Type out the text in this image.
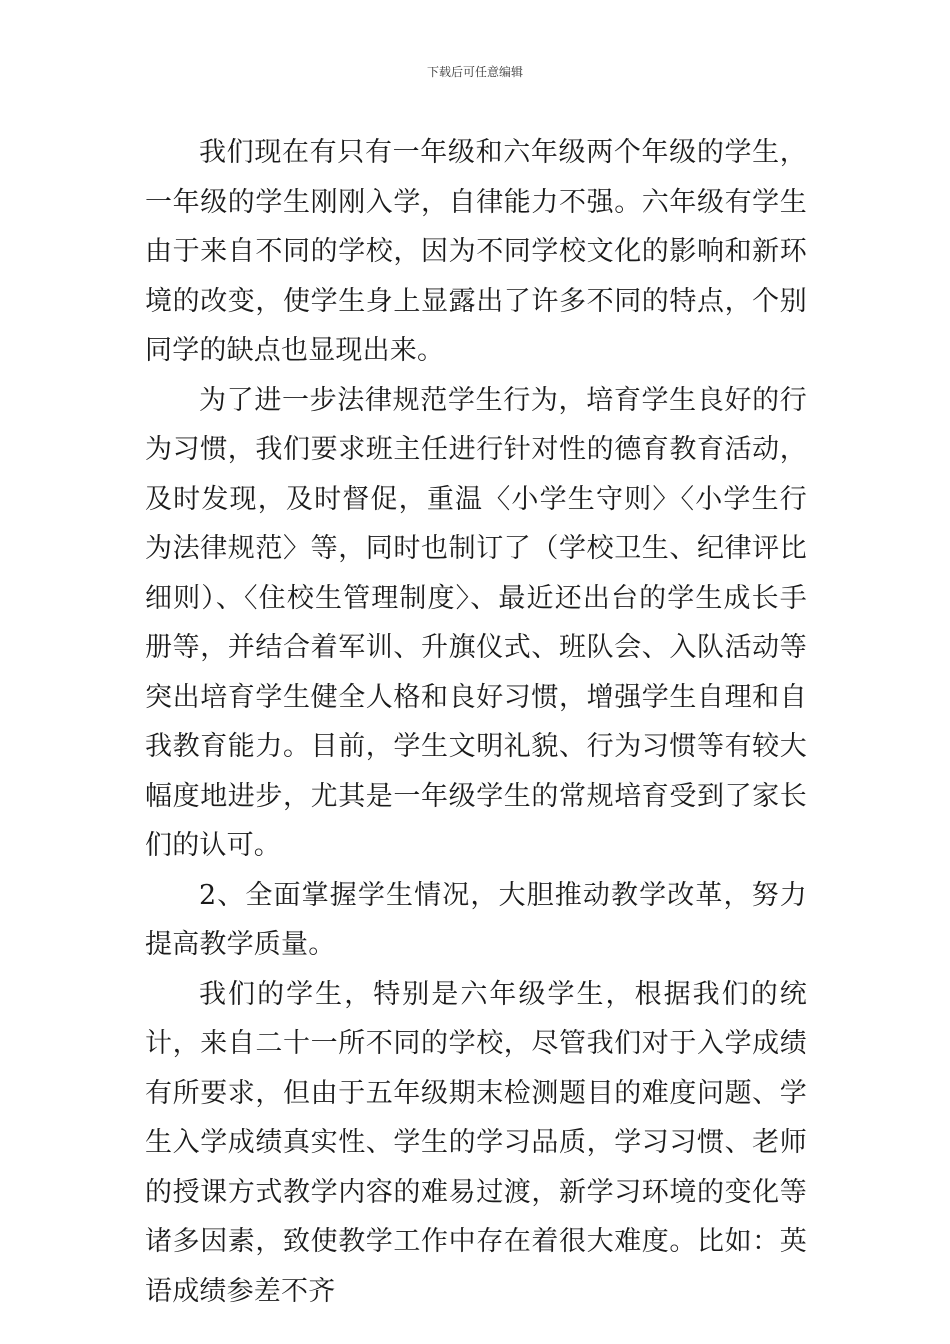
下载后可任意编辑

我们现在有只有一年级和六年级两个年级的学生，一年级的学生刚刚入学，自律能力不强。六年级有学生由于来自不同的学校，因为不同学校文化的影响和新环境的改变，使学生身上显露出了许多不同的特点，个别同学的缺点也显现出来。

为了进一步法律规范学生行为，培育学生良好的行为习惯，我们要求班主任进行针对性的德育教育活动，及时发现，及时督促，重温〈小学生守则〉〈小学生行为法律规范〉等，同时也制订了（学校卫生、纪律评比细则）、〈住校生管理制度〉、最近还出台的学生成长手册等，并结合着军训、升旗仪式、班队会、入队活动等突出培育学生健全人格和良好习惯，增强学生自理和自我教育能力。目前，学生文明礼貌、行为习惯等有较大幅度地进步，尤其是一年级学生的常规培育受到了家长们的认可。

2、全面掌握学生情况，大胆推动教学改革，努力提高教学质量。

我们的学生，特别是六年级学生，根据我们的统计，来自二十一所不同的学校，尽管我们对于入学成绩有所要求，但由于五年级期末检测题目的难度问题、学生入学成绩真实性、学生的学习品质，学习习惯、老师的授课方式教学内容的难易过渡，新学习环境的变化等诸多因素，致使教学工作中存在着很大难度。比如：英语成绩参差不齐
